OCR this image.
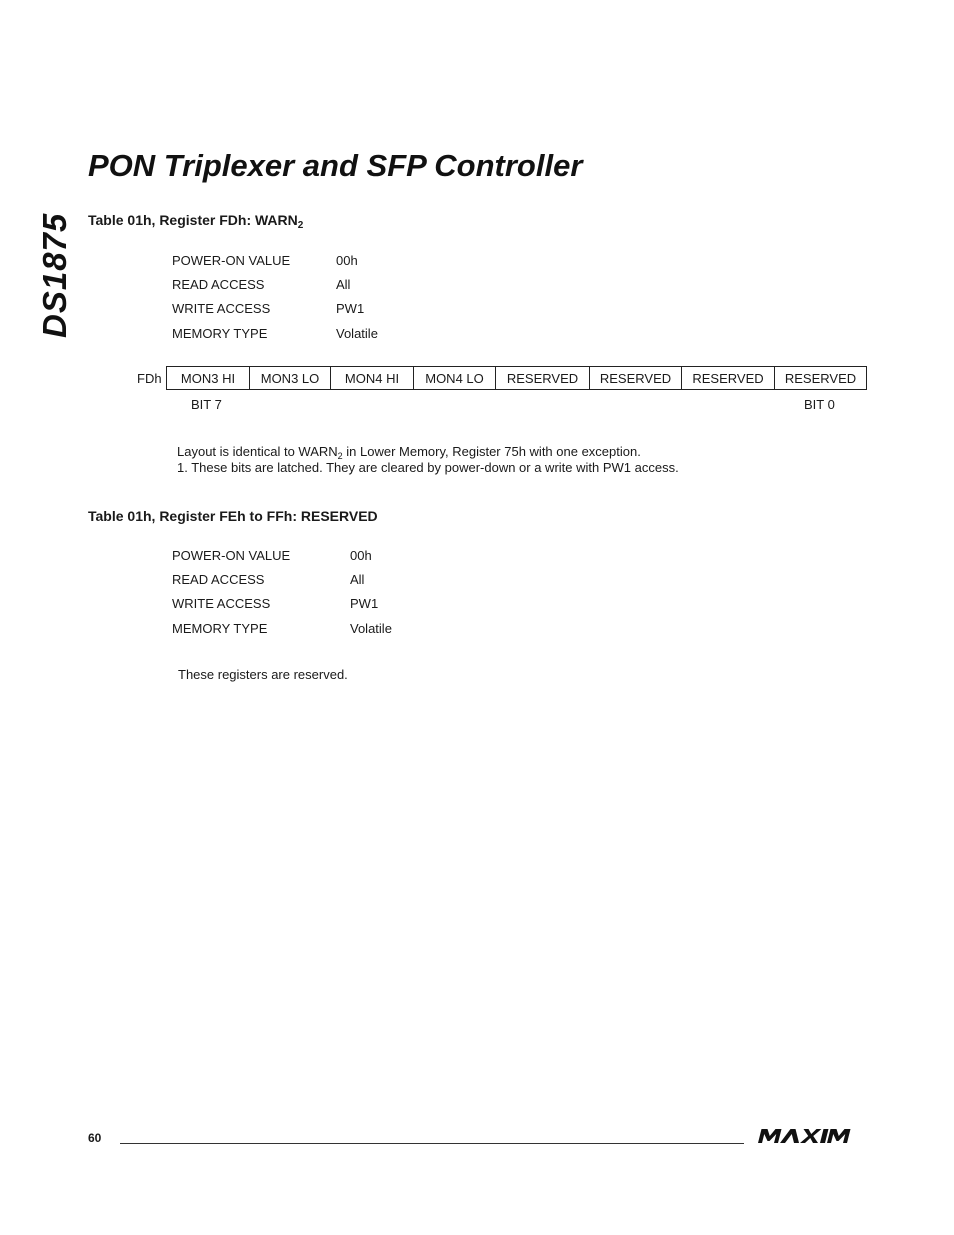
DS1875
PON Triplexer and SFP Controller
Table 01h, Register FDh: $WARN_2$
POWER-ON VALUE	00h
READ ACCESS	All
WRITE ACCESS	PW1
MEMORY TYPE	Volatile
FDh	MON3 HI	MON3 LO	MON4 HI	MON4 LO	RESERVED	RESERVED	RESERVED	RESERVED
BIT 7	BIT 0
Layout is identical to $WARN_2$ in Lower Memory, Register 75h with one exception.
1. These bits are latched. They are cleared by power-down or a write with PW1 access.
Table 01h, Register FEh to FFh: RESERVED
POWER-ON VALUE	00h
READ ACCESS	All
WRITE ACCESS	PW1
MEMORY TYPE	Volatile
These registers are reserved.
60
